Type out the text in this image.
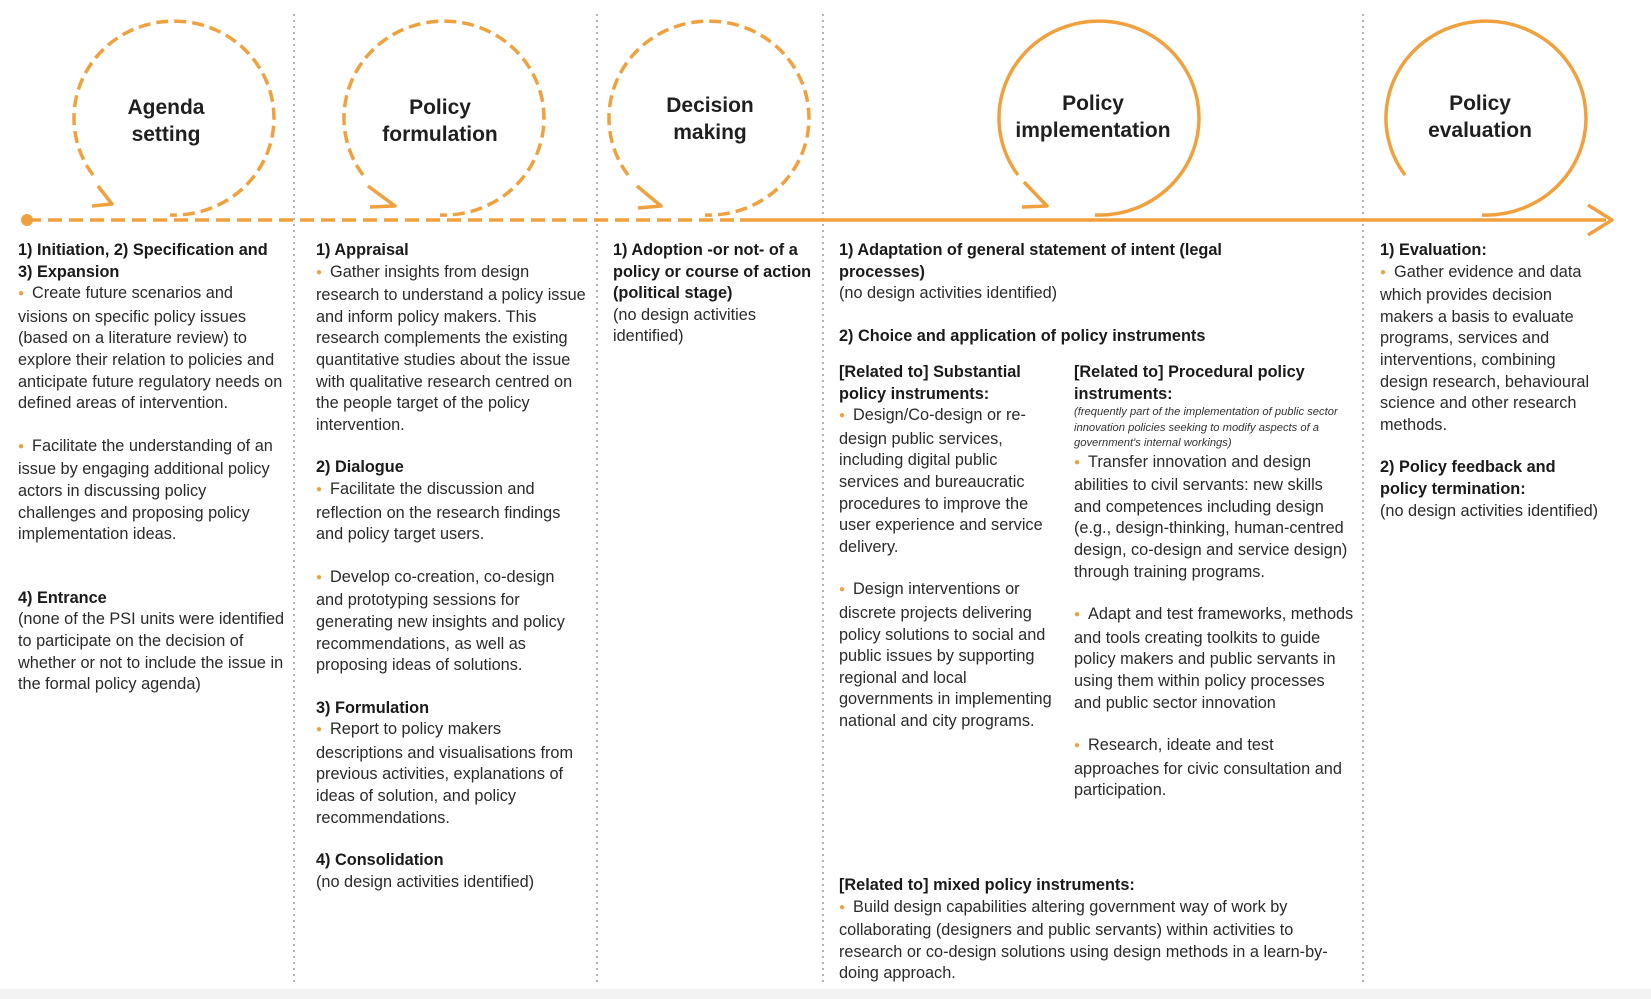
Agenda
setting
Policy
formulation
Decision
making
Policy
implementation
Policy
evaluation

1) Initiation, 2) Specification and 3) Expansion

● Create future scenarios and visions on specific policy issues (based on a literature review) to explore their relation to policies and anticipate future regulatory needs on defined areas of intervention.

● Facilitate the understanding of an issue by engaging additional policy actors in discussing policy challenges and proposing policy implementation ideas.

4) Entrance

(none of the PSI units were identified to participate on the decision of whether or not to include the issue in the formal policy agenda)

1) Appraisal

● Gather insights from design research to understand a policy issue and inform policy makers. This research complements the existing quantitative studies about the issue with qualitative research centred on the people target of the policy intervention.

2) Dialogue

● Facilitate the discussion and reflection on the research findings and policy target users.

● Develop co-creation, co-design and prototyping sessions for generating new insights and policy recommendations, as well as proposing ideas of solutions.

3) Formulation

● Report to policy makers descriptions and visualisations from previous activities, explanations of ideas of solution, and policy recommendations.

4) Consolidation

(no design activities identified)

1) Adoption -or not- of a policy or course of action (political stage)

(no design activities identified)

1) Adaptation of general statement of intent (legal processes)

(no design activities identified)

2) Choice and application of policy instruments

[Related to] Substantial policy instruments:

● Design/Co-design or re-design public services, including digital public services and bureaucratic procedures to improve the user experience and service delivery.

● Design interventions or discrete projects delivering policy solutions to social and public issues by supporting regional and local governments in implementing national and city programs.

[Related to] Procedural policy instruments:

(frequently part of the implementation of public sector innovation policies seeking to modify aspects of a government's internal workings)

● Transfer innovation and design abilities to civil servants: new skills and competences including design (e.g., design-thinking, human-centred design, co-design and service design) through training programs.

● Adapt and test frameworks, methods and tools creating toolkits to guide policy makers and public servants in using them within policy processes and public sector innovation

● Research, ideate and test approaches for civic consultation and participation.

[Related to] mixed policy instruments:

● Build design capabilities altering government way of work by collaborating (designers and public servants) within activities to research or co-design solutions using design methods in a learn-by-doing approach.

1) Evaluation:

● Gather evidence and data which provides decision makers a basis to evaluate programs, services and interventions, combining design research, behavioural science and other research methods.

2) Policy feedback and policy termination:

(no design activities identified)
